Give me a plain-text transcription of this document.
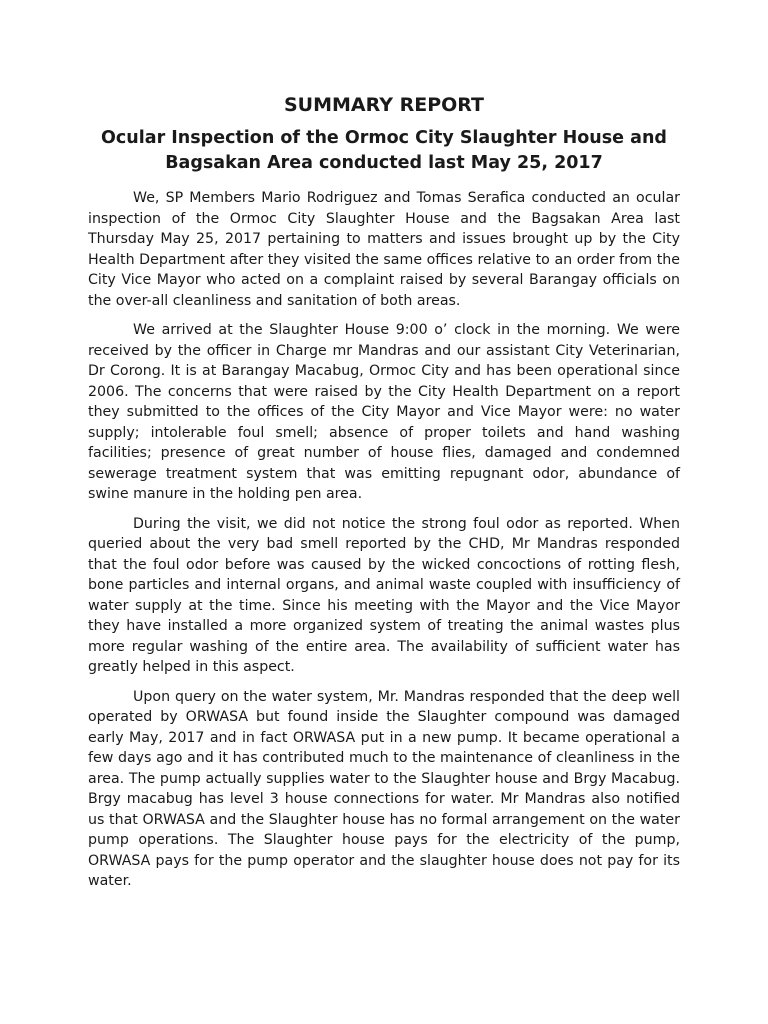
SUMMARY REPORT
Ocular Inspection of the Ormoc City Slaughter House and Bagsakan Area conducted last May 25, 2017

We, SP Members Mario Rodriguez and Tomas Serafica conducted an ocular inspection of the Ormoc City Slaughter House and the Bagsakan Area last Thursday May 25, 2017 pertaining to matters and issues brought up by the City Health Department after they visited the same offices relative to an order from the City Vice Mayor who acted on a complaint raised by several Barangay officials on the over-all cleanliness and sanitation of both areas.

We arrived at the Slaughter House 9:00 o’ clock in the morning. We were received by the officer in Charge mr Mandras and our assistant City Veterinarian, Dr Corong. It is at Barangay Macabug, Ormoc City and has been operational since 2006. The concerns that were raised by the City Health Department on a report they submitted to the offices of the City Mayor and Vice Mayor were: no water supply; intolerable foul smell; absence of proper toilets and hand washing facilities; presence of great number of house flies, damaged and condemned sewerage treatment system that was emitting repugnant odor, abundance of swine manure in the holding pen area.

During the visit, we did not notice the strong foul odor as reported. When queried about the very bad smell reported by the CHD, Mr Mandras responded that the foul odor before was caused by the wicked concoctions of rotting flesh, bone particles and internal organs, and animal waste coupled with insufficiency of water supply at the time. Since his meeting with the Mayor and the Vice Mayor they have installed a more organized system of treating the animal wastes plus more regular washing of the entire area. The availability of sufficient water has greatly helped in this aspect.

Upon query on the water system, Mr. Mandras responded that the deep well operated by ORWASA but found inside the Slaughter compound was damaged early May, 2017 and in fact ORWASA put in a new pump. It became operational a few days ago and it has contributed much to the maintenance of cleanliness in the area. The pump actually supplies water to the Slaughter house and Brgy Macabug. Brgy macabug has level 3 house connections for water. Mr Mandras also notified us that ORWASA and the Slaughter house has no formal arrangement on the water pump operations. The Slaughter house pays for the electricity of the pump, ORWASA pays for the pump operator and the slaughter house does not pay for its water.
